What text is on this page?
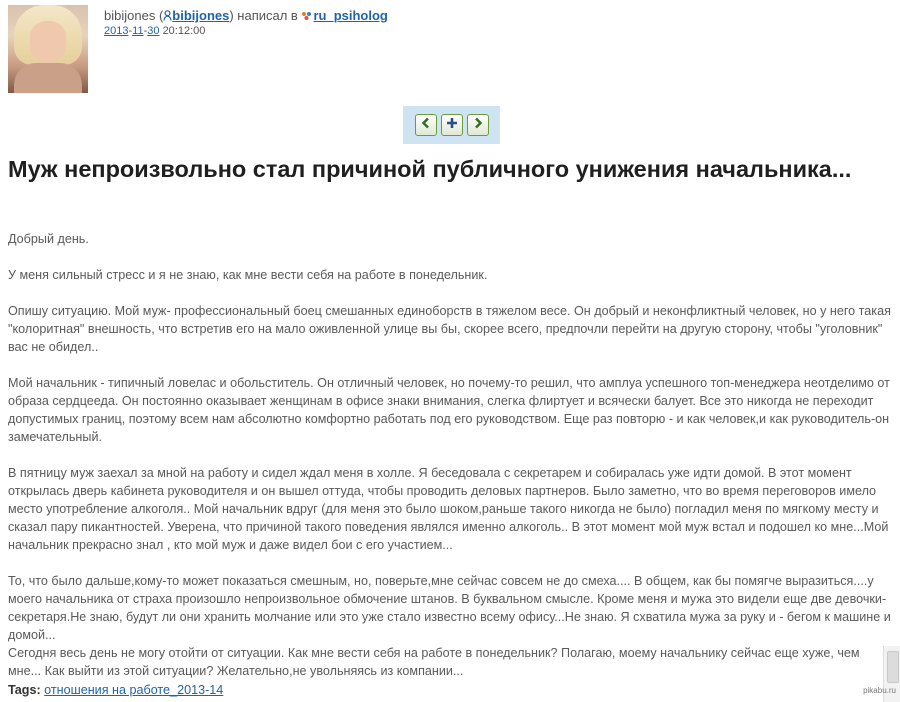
bibijones ( bibijones) написал в ru_psiholog
2013-11-30 20:12:00
Муж непроизвольно стал причиной публичного унижения начальника...

Добрый день.

У меня сильный стресс и я не знаю, как мне вести себя на работе в понедельник.

Опишу ситуацию. Мой муж- профессиональный боец смешанных единоборств в тяжелом весе. Он добрый и неконфликтный человек, но у него такая "колоритная" внешность, что встретив его на мало оживленной улице вы бы, скорее всего, предпочли перейти на другую сторону, чтобы "уголовник" вас не обидел..

Мой начальник - типичный ловелас и обольститель. Он отличный человек, но почему-то решил, что амплуа успешного топ-менеджера неотделимо от образа сердцееда. Он постоянно оказывает женщинам в офисе знаки внимания, слегка флиртует и всячески балует. Все это никогда не переходит допустимых границ, поэтому всем нам абсолютно комфортно работать под его руководством. Еще раз повторю - и как человек,и как руководитель-он замечательный.

В пятницу муж заехал за мной на работу и сидел ждал меня в холле. Я беседовала с секретарем и собиралась уже идти домой. В этот момент открылась дверь кабинета руководителя и он вышел оттуда, чтобы проводить деловых партнеров. Было заметно, что во время переговоров имело место употребление алкоголя.. Мой начальник вдруг (для меня это было шоком,раньше такого никогда не было) погладил меня по мягкому месту и сказал пару пикантностей. Уверена, что причиной такого поведения являлся именно алкоголь.. В этот момент мой муж встал и подошел ко мне...Мой начальник прекрасно знал , кто мой муж и даже видел бои с его участием...

То, что было дальше,кому-то может показаться смешным, но, поверьте,мне сейчас совсем не до смеха.... В общем, как бы помягче выразиться....у моего начальника от страха произошло непроизвольное обмочение штанов. В буквальном смысле. Кроме меня и мужа это видели еще две девочки-секретаря.Не знаю, будут ли они хранить молчание или это уже стало известно всему офису...Не знаю. Я схватила мужа за руку и - бегом к машине и домой...

Сегодня весь день не могу отойти от ситуации. Как мне вести себя на работе в понедельник? Полагаю, моему начальнику сейчас еще хуже, чем мне... Как выйти из этой ситуации? Желательно,не увольняясь из компании...

Tags: отношения на работе_2013-14	pikabu.ru
